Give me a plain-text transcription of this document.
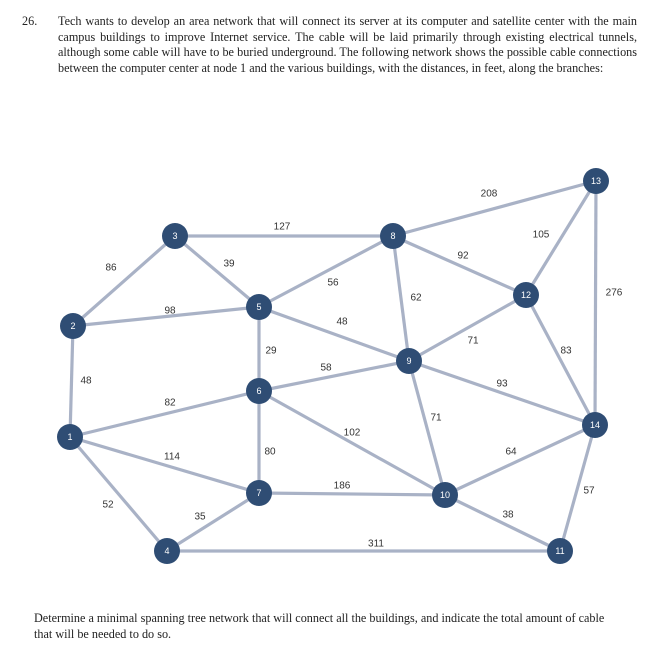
26. Tech wants to develop an area network that will connect its server at its computer and satellite center with the main campus buildings to improve Internet service. The cable will be laid primarily through existing electrical tunnels, although some cable will have to be buried underground. The following network shows the possible cable connections between the computer center at node 1 and the various buildings, with the distances, in feet, along the branches:
48
52
82
114
86
98
39
127
35
311
29
56
48
80
58
102
186
62
92
208
71
71
93
38
64
57
105
83
276
1
2
3
4
5
6
7
8
9
10
11
12
13
14
Determine a minimal spanning tree network that will connect all the buildings, and indicate the total amount of cable that will be needed to do so.
